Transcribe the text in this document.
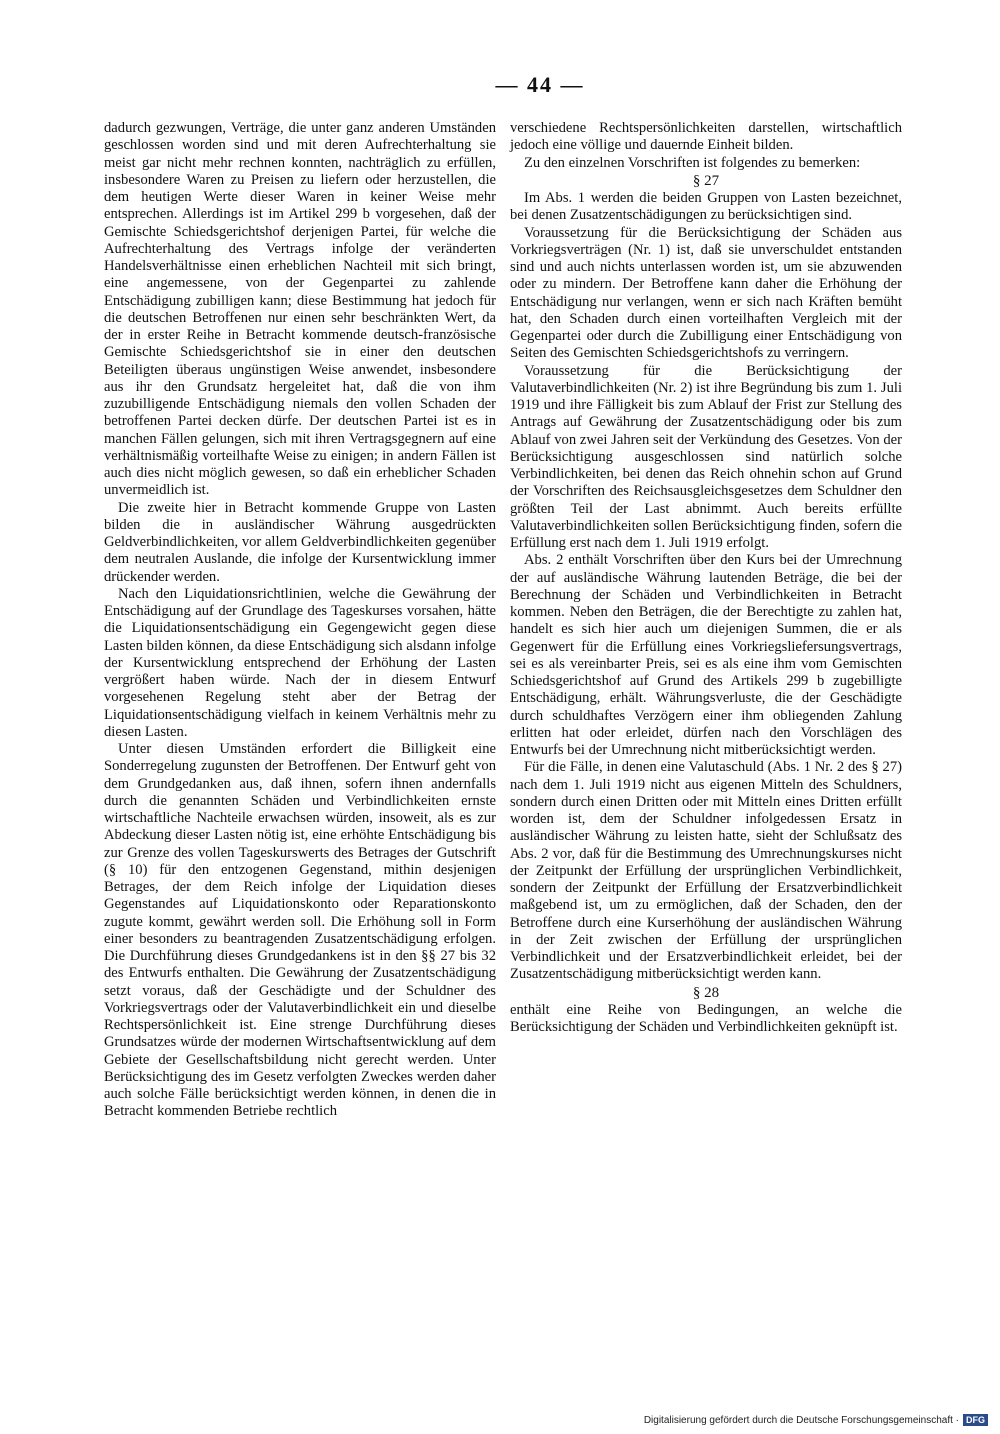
— 44 —

dadurch gezwungen, Verträge, die unter ganz anderen Umständen geschlossen worden sind und mit deren Aufrechterhaltung sie meist gar nicht mehr rechnen konnten, nachträglich zu erfüllen, insbesondere Waren zu Preisen zu liefern oder herzustellen, die dem heutigen Werte dieser Waren in keiner Weise mehr entsprechen. Allerdings ist im Artikel 299 b vorgesehen, daß der Gemischte Schiedsgerichtshof derjenigen Partei, für welche die Aufrechterhaltung des Vertrags infolge der veränderten Handelsverhältnisse einen erheblichen Nachteil mit sich bringt, eine angemessene, von der Gegenpartei zu zahlende Entschädigung zubilligen kann; diese Bestimmung hat jedoch für die deutschen Betroffenen nur einen sehr beschränkten Wert, da der in erster Reihe in Betracht kommende deutsch-französische Gemischte Schiedsgerichtshof sie in einer den deutschen Beteiligten überaus ungünstigen Weise anwendet, insbesondere aus ihr den Grundsatz hergeleitet hat, daß die von ihm zuzubilligende Entschädigung niemals den vollen Schaden der betroffenen Partei decken dürfe. Der deutschen Partei ist es in manchen Fällen gelungen, sich mit ihren Vertragsgegnern auf eine verhältnismäßig vorteilhafte Weise zu einigen; in andern Fällen ist auch dies nicht möglich gewesen, so daß ein erheblicher Schaden unvermeidlich ist.

Die zweite hier in Betracht kommende Gruppe von Lasten bilden die in ausländischer Währung ausgedrückten Geldverbindlichkeiten, vor allem Geldverbindlichkeiten gegenüber dem neutralen Auslande, die infolge der Kursentwicklung immer drückender werden.

Nach den Liquidationsrichtlinien, welche die Gewährung der Entschädigung auf der Grundlage des Tageskurses vorsahen, hätte die Liquidationsentschädigung ein Gegengewicht gegen diese Lasten bilden können, da diese Entschädigung sich alsdann infolge der Kursentwicklung entsprechend der Erhöhung der Lasten vergrößert haben würde. Nach der in diesem Entwurf vorgesehenen Regelung steht aber der Betrag der Liquidationsentschädigung vielfach in keinem Verhältnis mehr zu diesen Lasten.

Unter diesen Umständen erfordert die Billigkeit eine Sonderregelung zugunsten der Betroffenen. Der Entwurf geht von dem Grundgedanken aus, daß ihnen, sofern ihnen andernfalls durch die genannten Schäden und Verbindlichkeiten ernste wirtschaftliche Nachteile erwachsen würden, insoweit, als es zur Abdeckung dieser Lasten nötig ist, eine erhöhte Entschädigung bis zur Grenze des vollen Tageskurswerts des Betrages der Gutschrift (§ 10) für den entzogenen Gegenstand, mithin desjenigen Betrages, der dem Reich infolge der Liquidation dieses Gegenstandes auf Liquidationskonto oder Reparationskonto zugute kommt, gewährt werden soll. Die Erhöhung soll in Form einer besonders zu beantragenden Zusatzentschädigung erfolgen. Die Durchführung dieses Grundgedankens ist in den §§ 27 bis 32 des Entwurfs enthalten. Die Gewährung der Zusatzentschädigung setzt voraus, daß der Geschädigte und der Schuldner des Vorkriegsvertrags oder der Valutaverbindlichkeit ein und dieselbe Rechtspersönlichkeit ist. Eine strenge Durchführung dieses Grundsatzes würde der modernen Wirtschaftsentwicklung auf dem Gebiete der Gesellschaftsbildung nicht gerecht werden. Unter Berücksichtigung des im Gesetz verfolgten Zweckes werden daher auch solche Fälle berücksichtigt werden können, in denen die in Betracht kommenden Betriebe rechtlich

verschiedene Rechtspersönlichkeiten darstellen, wirtschaftlich jedoch eine völlige und dauernde Einheit bilden.

Zu den einzelnen Vorschriften ist folgendes zu bemerken:

§ 27

Im Abs. 1 werden die beiden Gruppen von Lasten bezeichnet, bei denen Zusatzentschädigungen zu berücksichtigen sind.

Voraussetzung für die Berücksichtigung der Schäden aus Vorkriegsverträgen (Nr. 1) ist, daß sie unverschuldet entstanden sind und auch nichts unterlassen worden ist, um sie abzuwenden oder zu mindern. Der Betroffene kann daher die Erhöhung der Entschädigung nur verlangen, wenn er sich nach Kräften bemüht hat, den Schaden durch einen vorteilhaften Vergleich mit der Gegenpartei oder durch die Zubilligung einer Entschädigung von Seiten des Gemischten Schiedsgerichtshofs zu verringern.

Voraussetzung für die Berücksichtigung der Valutaverbindlichkeiten (Nr. 2) ist ihre Begründung bis zum 1. Juli 1919 und ihre Fälligkeit bis zum Ablauf der Frist zur Stellung des Antrags auf Gewährung der Zusatzentschädigung oder bis zum Ablauf von zwei Jahren seit der Verkündung des Gesetzes. Von der Berücksichtigung ausgeschlossen sind natürlich solche Verbindlichkeiten, bei denen das Reich ohnehin schon auf Grund der Vorschriften des Reichsausgleichsgesetzes dem Schuldner den größten Teil der Last abnimmt. Auch bereits erfüllte Valutaverbindlichkeiten sollen Berücksichtigung finden, sofern die Erfüllung erst nach dem 1. Juli 1919 erfolgt.

Abs. 2 enthält Vorschriften über den Kurs bei der Umrechnung der auf ausländische Währung lautenden Beträge, die bei der Berechnung der Schäden und Verbindlichkeiten in Betracht kommen. Neben den Beträgen, die der Berechtigte zu zahlen hat, handelt es sich hier auch um diejenigen Summen, die er als Gegenwert für die Erfüllung eines Vorkriegsliefersungsvertrags, sei es als vereinbarter Preis, sei es als eine ihm vom Gemischten Schiedsgerichtshof auf Grund des Artikels 299 b zugebilligte Entschädigung, erhält. Währungsverluste, die der Geschädigte durch schuldhaftes Verzögern einer ihm obliegenden Zahlung erlitten hat oder erleidet, dürfen nach den Vorschlägen des Entwurfs bei der Umrechnung nicht mitberücksichtigt werden.

Für die Fälle, in denen eine Valutaschuld (Abs. 1 Nr. 2 des § 27) nach dem 1. Juli 1919 nicht aus eigenen Mitteln des Schuldners, sondern durch einen Dritten oder mit Mitteln eines Dritten erfüllt worden ist, dem der Schuldner infolgedessen Ersatz in ausländischer Währung zu leisten hatte, sieht der Schlußsatz des Abs. 2 vor, daß für die Bestimmung des Umrechnungskurses nicht der Zeitpunkt der Erfüllung der ursprünglichen Verbindlichkeit, sondern der Zeitpunkt der Erfüllung der Ersatzverbindlichkeit maßgebend ist, um zu ermöglichen, daß der Schaden, den der Betroffene durch eine Kurserhöhung der ausländischen Währung in der Zeit zwischen der Erfüllung der ursprünglichen Verbindlichkeit und der Ersatzverbindlichkeit erleidet, bei der Zusatzentschädigung mitberücksichtigt werden kann.

§ 28

enthält eine Reihe von Bedingungen, an welche die Berücksichtigung der Schäden und Verbindlichkeiten geknüpft ist.

Digitalisierung gefördert durch die Deutsche Forschungsgemeinschaft · DFG
